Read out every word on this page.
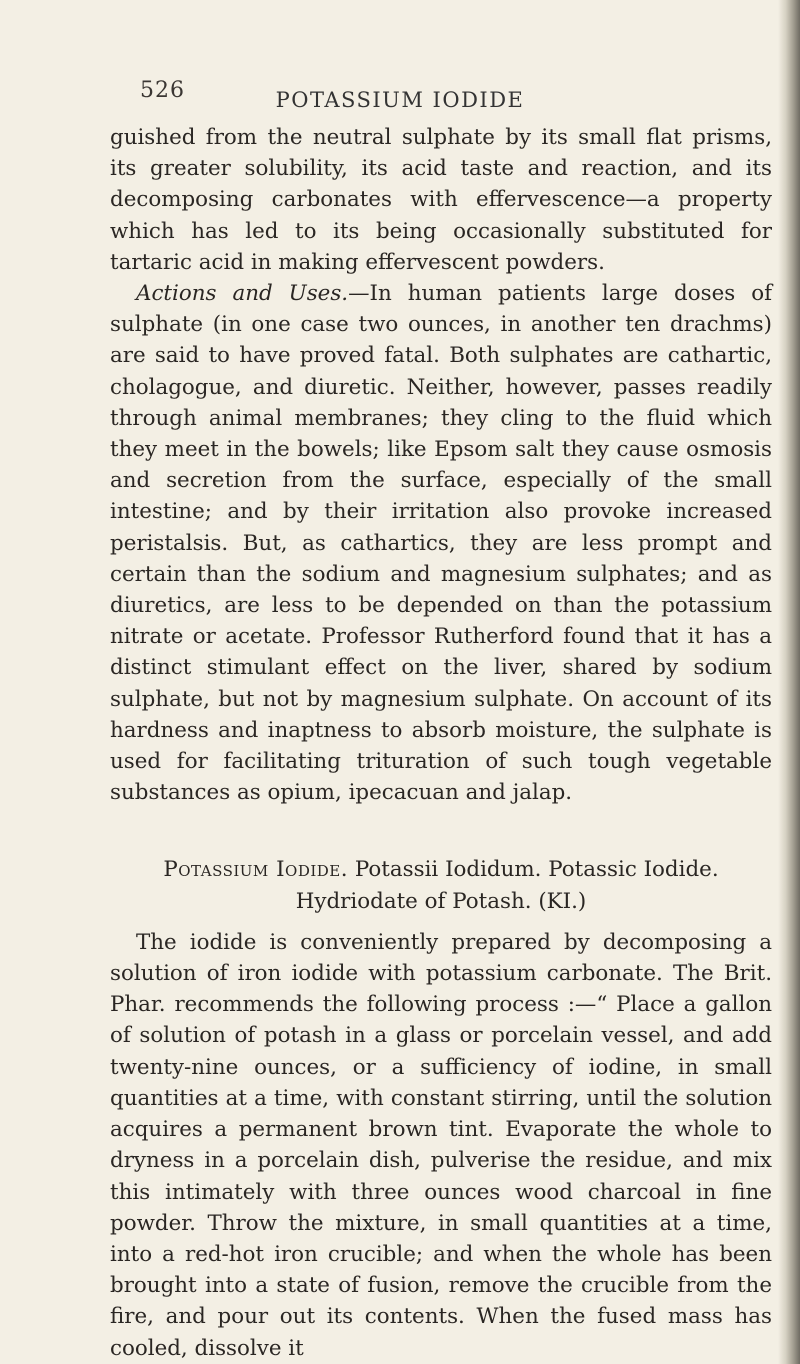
526	POTASSIUM IODIDE

guished from the neutral sulphate by its small flat prisms, its greater solubility, its acid taste and reaction, and its decomposing carbonates with effervescence—a property which has led to its being occasionally substituted for tartaric acid in making effervescent powders.

Actions and Uses.—In human patients large doses of sulphate (in one case two ounces, in another ten drachms) are said to have proved fatal. Both sulphates are cathartic, cholagogue, and diuretic. Neither, however, passes readily through animal membranes; they cling to the fluid which they meet in the bowels; like Epsom salt they cause osmosis and secretion from the surface, especially of the small intestine; and by their irritation also provoke increased peristalsis. But, as cathartics, they are less prompt and certain than the sodium and magnesium sulphates; and as diuretics, are less to be depended on than the potassium nitrate or acetate. Professor Rutherford found that it has a distinct stimulant effect on the liver, shared by sodium sulphate, but not by magnesium sulphate. On account of its hardness and inaptness to absorb moisture, the sulphate is used for facilitating trituration of such tough vegetable substances as opium, ipecacuan and jalap.

Potassium Iodide. Potassii Iodidum. Potassic Iodide.

Hydriodate of Potash. (KI.)

The iodide is conveniently prepared by decomposing a solution of iron iodide with potassium carbonate. The Brit. Phar. recommends the following process :—“ Place a gallon of solution of potash in a glass or porcelain vessel, and add twenty-nine ounces, or a sufficiency of iodine, in small quantities at a time, with constant stirring, until the solution acquires a permanent brown tint. Evaporate the whole to dryness in a porcelain dish, pulverise the residue, and mix this intimately with three ounces wood charcoal in fine powder. Throw the mixture, in small quantities at a time, into a red-hot iron crucible; and when the whole has been brought into a state of fusion, remove the crucible from the fire, and pour out its contents. When the fused mass has cooled, dissolve it
